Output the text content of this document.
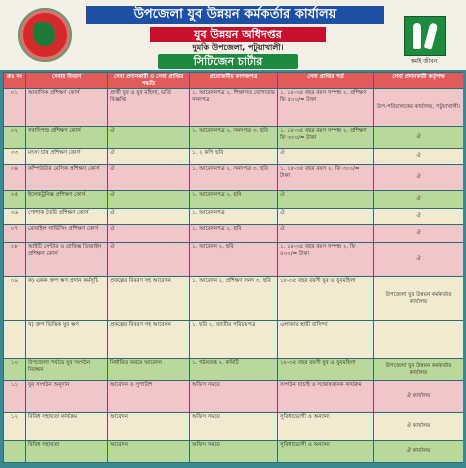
উপজেলা যুব উন্নয়ন কর্মকর্তার কার্যালয়
যুব উন্নয়ন অধিদপ্তর
দুমকি উপজেলা, পটুয়াখালী।
সিটিজেন চার্টার	কর্মই জীবন
ক্রঃ নং	সেবার বিবরণ	সেবা প্রদানকারী ও সেবা প্রাপ্তির পদ্ধতি	প্রয়োজনীয় কাগজপত্র	সেবা প্রাপ্তির শর্ত	সেবা প্রদানকারী কর্তৃপক্ষ
০১	আবাসিক প্রশিক্ষণ কোর্স	প্রার্থী যুব ও যুব মহিলা, ভর্তি বিজ্ঞপ্তি	১. আবেদনপত্র ২. শিক্ষাগত যোগ্যতার সনদপত্র	১. ১৮-৩৫ বছর বয়স সম্পন্ন ২. প্রশিক্ষণ ফি ৫০০/= টাকা	উপ-পরিচালকের কার্যালয়, পটুয়াখালী।
০২	গবাদিপশু প্রশিক্ষণ কোর্স	ঐ	১. আবেদনপত্র ২. সনদপত্র ৩. ছবি	১. ১৮-৩৫ বছর বয়স সম্পন্ন ২. প্রশিক্ষণ ফি ৩০০/= টাকা	ঐ
০৩	মৎস্য চাষ প্রশিক্ষণ কোর্স	ঐ	১. ২ কপি ছবি	ঐ	ঐ
০৪	কম্পিউটার বেসিক প্রশিক্ষণ কোর্স	ঐ	১. আবেদনপত্র ২. সনদপত্র ৩. ছবি	১. ১৮-৩৫ বছর বয়স ২. ফি ৩০০/= টাকা	ঐ
০৫	ইলেকট্রনিক্স প্রশিক্ষণ কোর্স	ঐ	১. আবেদনপত্র ২. ছবি	ঐ	ঐ
০৬	পোশাক তৈরি প্রশিক্ষণ কোর্স	ঐ	১. আবেদনপত্র	ঐ	ঐ
০৭	মোবাইল সার্ভিসিং প্রশিক্ষণ কোর্স	ঐ	১. আবেদনপত্র ২. ছবি	ঐ	ঐ
০৮	আইটি সেন্টার ও গ্রাফিক্স ডিজাইন প্রশিক্ষণ কোর্স	ঐ	১. আবেদন ২. ছবি	১. ১৮-৩৫ বছর বয়স সম্পন্ন ২. ফি ৫০০/= টাকা	ঐ
০৯	ক) একক গ্রুপ ঋণ প্রদান কর্মসূচি	প্রকল্পের বিবরণ সহ আবেদন	১. আবেদন ২. প্রশিক্ষণ সনদ ৩. ছবি	১৮-৩৫ বছর বয়সী যুব ও যুবমহিলা	উপজেলা যুব উন্নয়ন কর্মকর্তার কার্যালয়
	খ) গ্রুপ ভিত্তিক যুব ঋণ	প্রকল্পের বিবরণ সহ আবেদন	১. ছবি ২. জাতীয় পরিচয়পত্র	এলাকার স্থায়ী বাসিন্দা	
১০	উপজেলা পর্যায়ে যুব সংগঠন নিবন্ধন	নির্ধারিত ফরমে আবেদন	১. গঠনতন্ত্র ২. কমিটি	১৮-৩৫ বছর বয়সী যুব ও যুবমহিলা	উপজেলা যুব উন্নয়ন কর্মকর্তার কার্যালয়
১১	যুব সংগঠন অনুদান	আবেদন ও সুপারিশ	অফিস সময়ে	সংগঠন যাচাই ও সন্তোষজনক কার্যক্রম	ঐ কার্যালয়
১২	বিবিধ সহায়তা কার্যক্রম	আবেদন	অফিস সময়ে	সুবিধাভোগী ও অন্যান্য	ঐ কার্যালয়
	বিবিধ সহায়তা	আবেদন	অফিস সময়ে	সুবিধাভোগী ও অন্যান্য	ঐ কার্যালয়
